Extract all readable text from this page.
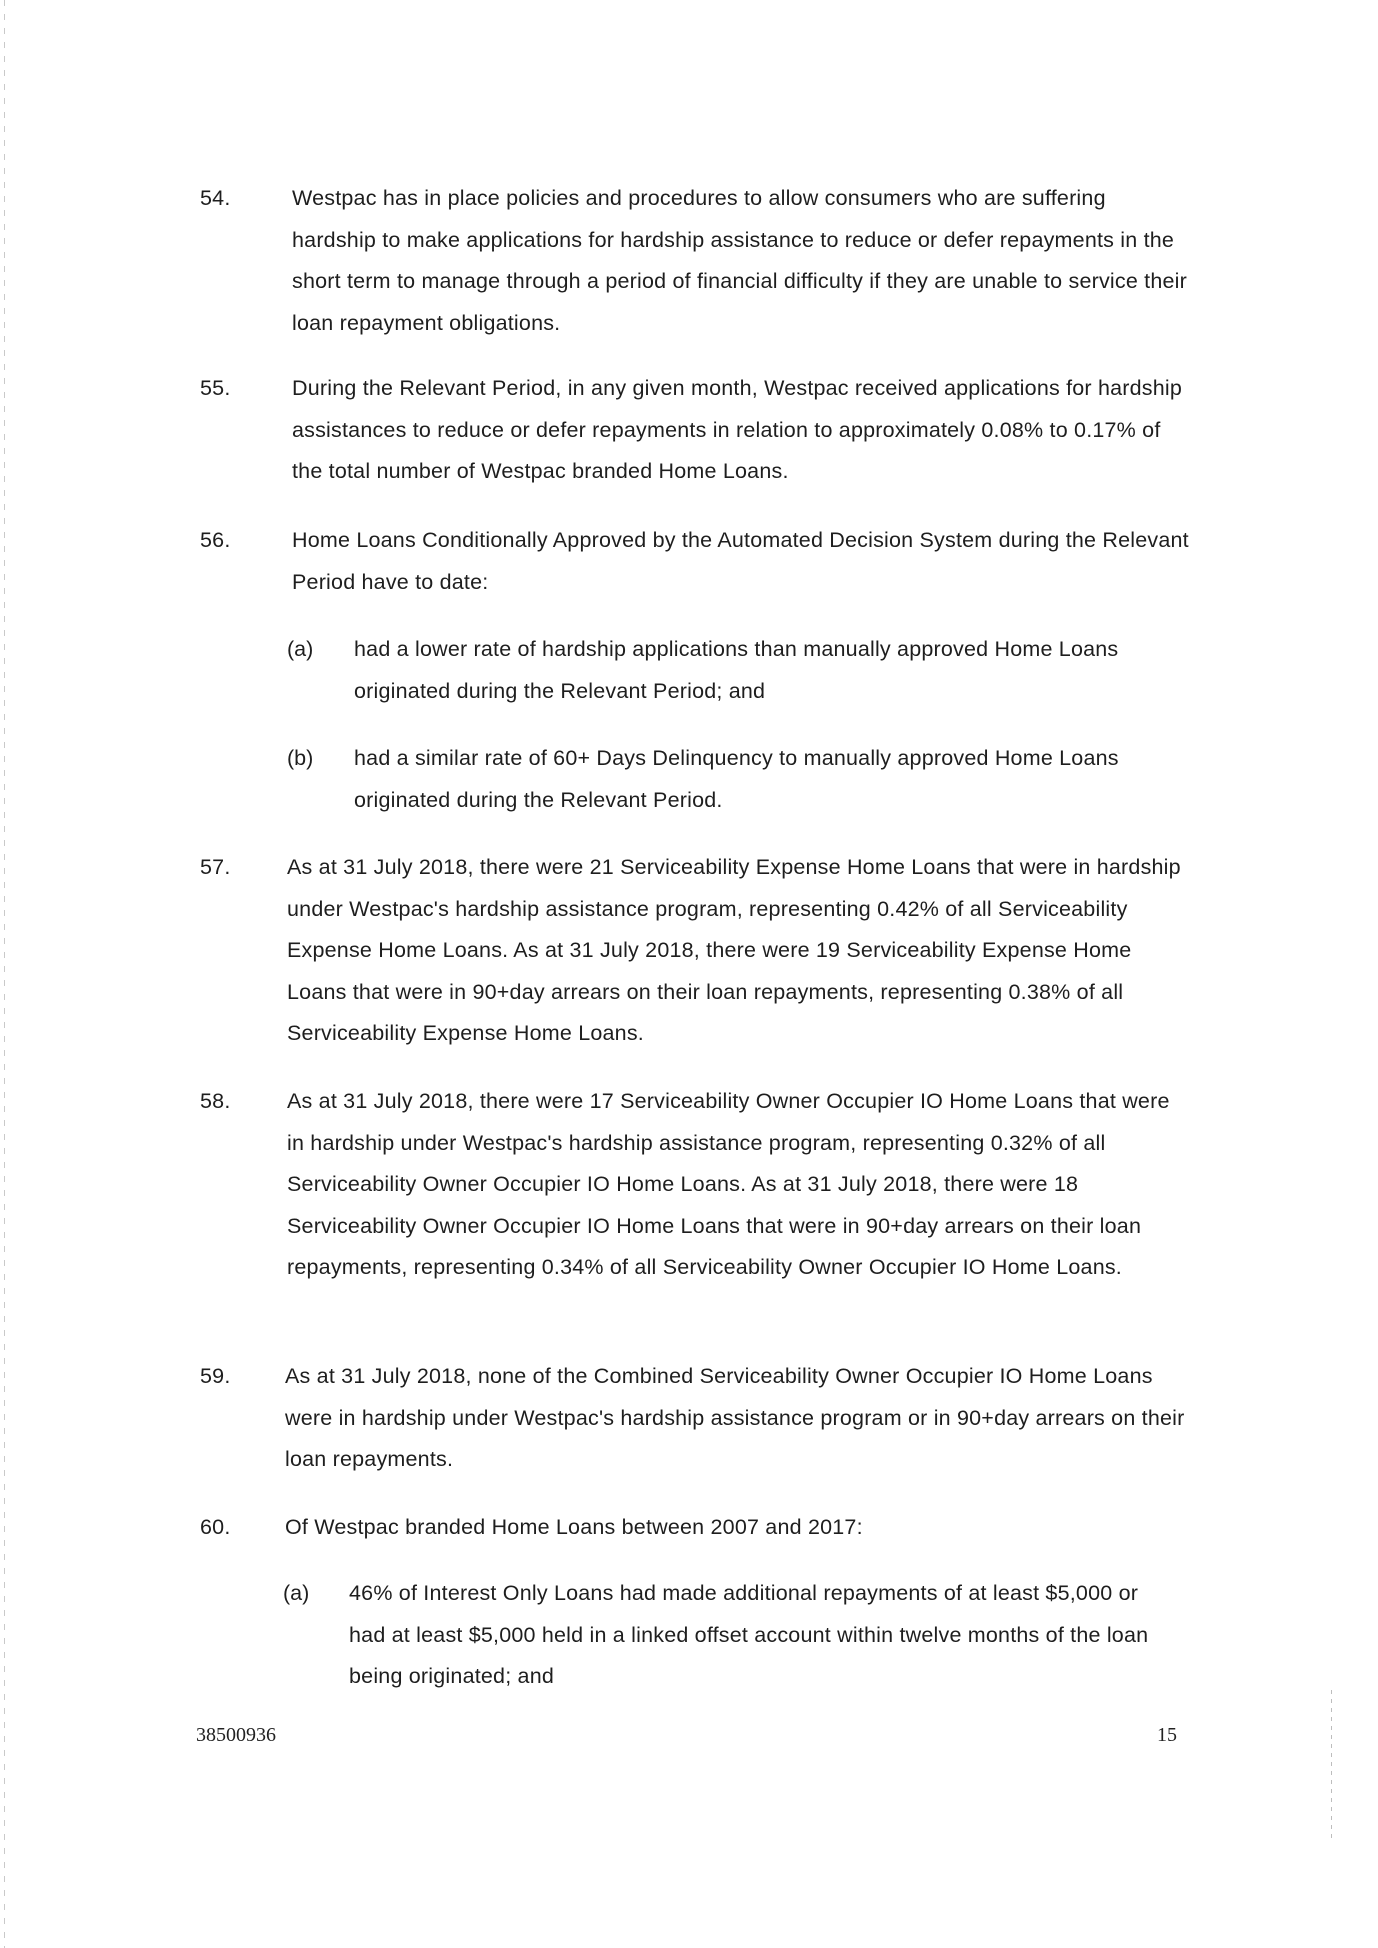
54.	Westpac has in place policies and procedures to allow consumers who are suffering hardship to make applications for hardship assistance to reduce or defer repayments in the short term to manage through a period of financial difficulty if they are unable to service their loan repayment obligations.

55.	During the Relevant Period, in any given month, Westpac received applications for hardship assistances to reduce or defer repayments in relation to approximately 0.08% to 0.17% of the total number of Westpac branded Home Loans.

56.	Home Loans Conditionally Approved by the Automated Decision System during the Relevant Period have to date:

(a) had a lower rate of hardship applications than manually approved Home Loans originated during the Relevant Period; and

(b) had a similar rate of 60+ Days Delinquency to manually approved Home Loans originated during the Relevant Period.

57.	As at 31 July 2018, there were 21 Serviceability Expense Home Loans that were in hardship under Westpac's hardship assistance program, representing 0.42% of all Serviceability Expense Home Loans. As at 31 July 2018, there were 19 Serviceability Expense Home Loans that were in 90+day arrears on their loan repayments, representing 0.38% of all Serviceability Expense Home Loans.

58.	As at 31 July 2018, there were 17 Serviceability Owner Occupier IO Home Loans that were in hardship under Westpac's hardship assistance program, representing 0.32% of all Serviceability Owner Occupier IO Home Loans. As at 31 July 2018, there were 18 Serviceability Owner Occupier IO Home Loans that were in 90+day arrears on their loan repayments, representing 0.34% of all Serviceability Owner Occupier IO Home Loans.

59.	As at 31 July 2018, none of the Combined Serviceability Owner Occupier IO Home Loans were in hardship under Westpac's hardship assistance program or in 90+day arrears on their loan repayments.

60.	Of Westpac branded Home Loans between 2007 and 2017:

(a) 46% of Interest Only Loans had made additional repayments of at least $5,000 or had at least $5,000 held in a linked offset account within twelve months of the loan being originated; and

38500936	15
